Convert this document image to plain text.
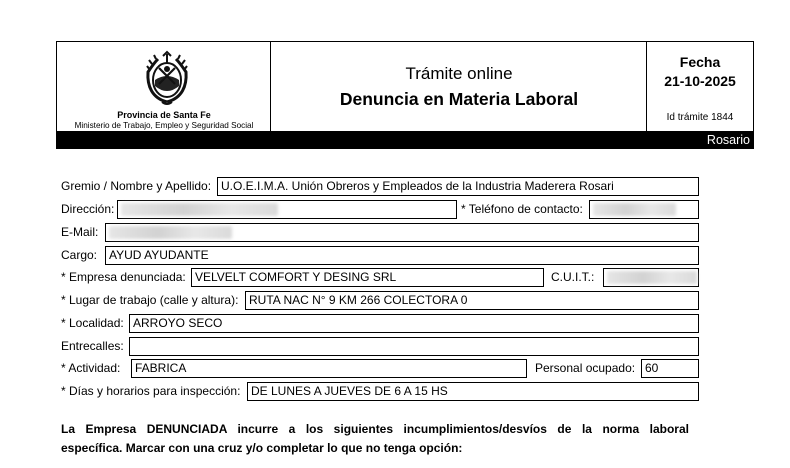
Provincia de Santa Fe
Ministerio de Trabajo, Empleo y Seguridad Social
Trámite online
Denuncia en Materia Laboral
Fecha
21-10-2025
Id trámite 1844
Rosario
Gremio / Nombre y Apellido: U.O.E.I.M.A. Unión Obreros y Empleados de la Industria Maderera Rosari
Dirección:	* Teléfono de contacto:
E-Mail:
Cargo: AYUD AYUDANTE
* Empresa denunciada: VELVELT COMFORT Y DESING SRL	C.U.I.T.:
* Lugar de trabajo (calle y altura): RUTA NAC N° 9 KM 266 COLECTORA 0
* Localidad: ARROYO SECO
Entrecalles:
* Actividad:	FABRICA	Personal ocupado: 60
* Días y horarios para inspección: DE LUNES A JUEVES DE 6 A 15 HS
La Empresa DENUNCIADA incurre a los siguientes incumplimientos/desvíos de la norma laboral
específica. Marcar con una cruz y/o completar lo que no tenga opción:
